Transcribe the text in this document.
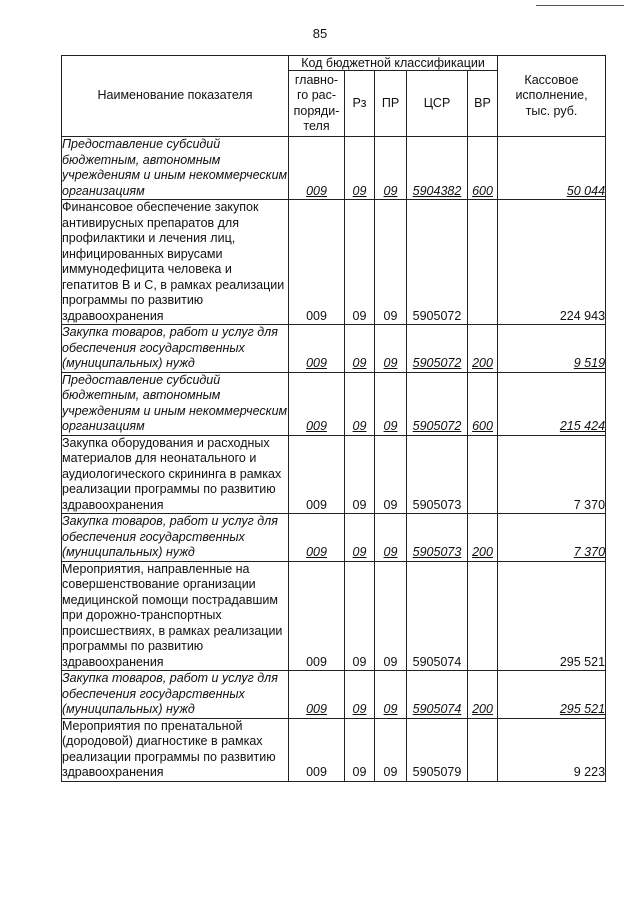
85
Наименование показателя	Код бюджетной классификации					Кассовое исполнение, тыс. руб.
	главно-го рас-поряди-теля	Рз	ПР	ЦСР	ВР	
Предоставление субсидий бюджетным, автономным учреждениям и иным некоммерческим организациям	009	09	09	5904382	600	50 044
Финансовое обеспечение закупок антивирусных препаратов для профилактики и лечения лиц, инфицированных вирусами иммунодефицита человека и гепатитов В и С, в рамках реализации программы по развитию здравоохранения	009	09	09	5905072		224 943
Закупка товаров, работ и услуг для обеспечения государственных (муниципальных) нужд	009	09	09	5905072	200	9 519
Предоставление субсидий бюджетным, автономным учреждениям и иным некоммерческим организациям	009	09	09	5905072	600	215 424
Закупка оборудования и расходных материалов для неонатального и аудиологического скрининга в рамках реализации программы по развитию здравоохранения	009	09	09	5905073		7 370
Закупка товаров, работ и услуг для обеспечения государственных (муниципальных) нужд	009	09	09	5905073	200	7 370
Мероприятия, направленные на совершенствование организации медицинской помощи пострадавшим при дорожно-транспортных происшествиях, в рамках реализации программы по развитию здравоохранения	009	09	09	5905074		295 521
Закупка товаров, работ и услуг для обеспечения государственных (муниципальных) нужд	009	09	09	5905074	200	295 521
Мероприятия по пренатальной (дородовой) диагностике в рамках реализации программы по развитию здравоохранения	009	09	09	5905079		9 223
